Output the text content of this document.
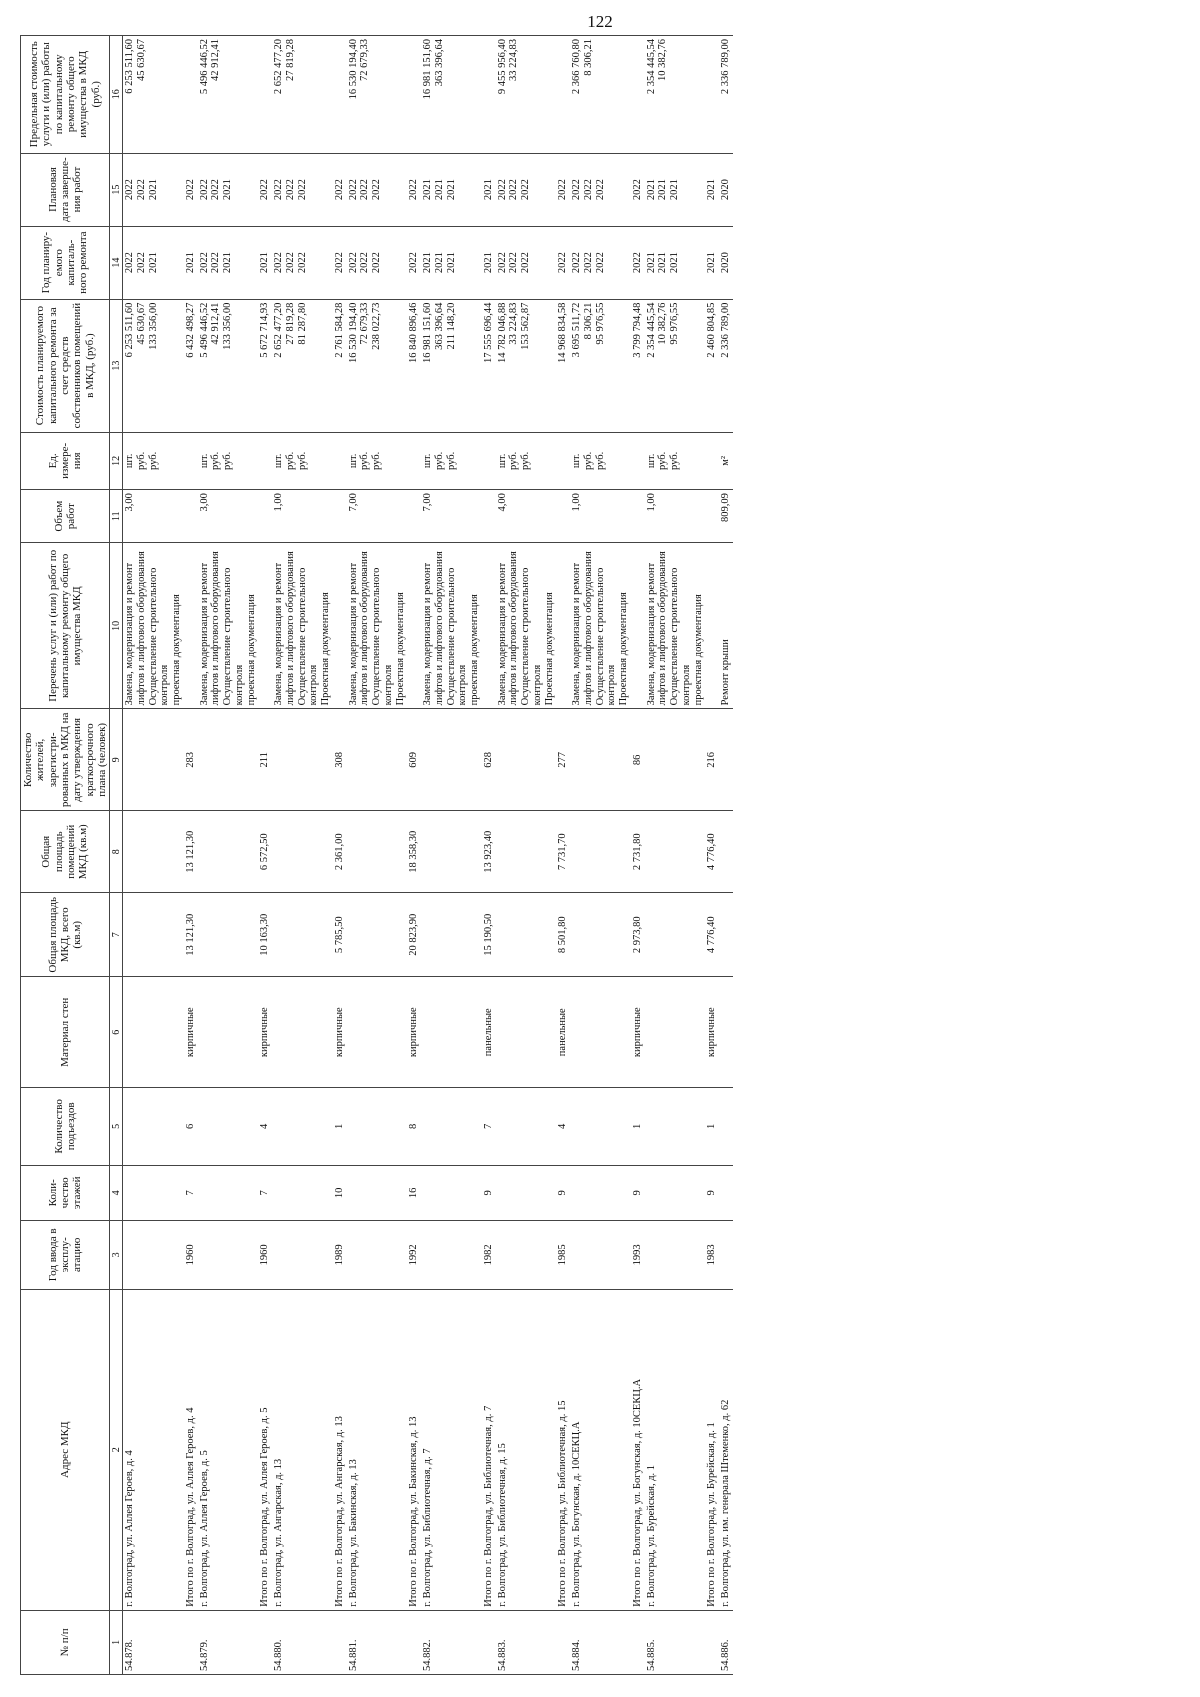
122
№ п/п	Адрес МКД	Год ввода в эксплу-атацию	Коли-чество этажей	Количество подъездов	Материал стен	Общая площадь МКД, всего (кв.м)	Общая площадь помещений МКД (кв.м)	Количество жителей, зарегистри-рованных в МКД на дату утверждения краткосрочного плана (человек)	Перечень услуг и (или) работ по капитальному ремонту общего имущества МКД	Объем работ	Ед. измере-ния	Стоимость планируемого капитального ремонта за счет средств собственников помещений в МКД, (руб.)	Год планиру-емого капиталь-ного ремонта	Плановая дата заверше-ния работ	Предельная стоимость услуги и (или) работы по капитальному ремонту общего имущества в МКД (руб.)
1	2	3	4	5	6	7	8	9	10	11	12	13	14	15	16
54.878.	г. Волгоград, ул. Аллея Героев, д. 4								Замена, модернизация и ремонт лифтов и лифтового оборудования Осуществление строительного контроля проектная документация	3,00	шт. руб. руб.	6 253 511,60 45 630,67 133 356,00	2022 2022 2021	2022 2022 2021	6 253 511,60 45 630,67

	Итого по г. Волгоград, ул. Аллея Героев, д. 4	1960	7	6	кирпичные	13 121,30	13 121,30	283				6 432 498,27	2021	2022	

54.879.	г. Волгоград, ул. Аллея Героев, д. 5								Замена, модернизация и ремонт лифтов и лифтового оборудования Осуществление строительного контроля проектная документация	3,00	шт. руб. руб.	5 496 446,52 42 912,41 133 356,00	2022 2022 2021	2022 2022 2021	5 496 446,52 42 912,41

	Итого по г. Волгоград, ул. Аллея Героев, д. 5	1960	7	4	кирпичные	10 163,30	6 572,50	211				5 672 714,93	2021	2022	

54.880.	г. Волгоград, ул. Ангарская, д. 13								Замена, модернизация и ремонт лифтов и лифтового оборудования Осуществление строительного контроля Проектная документация	1,00	шт. руб. руб.	2 652 477,20 27 819,28 81 287,80	2022 2022 2022	2022 2022 2022	2 652 477,20 27 819,28

	Итого по г. Волгоград, ул. Ангарская, д. 13	1989	10	1	кирпичные	5 785,50	2 361,00	308				2 761 584,28	2022	2022	

54.881.	г. Волгоград, ул. Бакинская, д. 13								Замена, модернизация и ремонт лифтов и лифтового оборудования Осуществление строительного контроля Проектная документация	7,00	шт. руб. руб.	16 530 194,40 72 679,33 238 022,73	2022 2022 2022	2022 2022 2022	16 530 194,40 72 679,33

	Итого по г. Волгоград, ул. Бакинская, д. 13	1992	16	8	кирпичные	20 823,90	18 358,30	609				16 840 896,46	2022	2022	

54.882.	г. Волгоград, ул. Библиотечная, д. 7								Замена, модернизация и ремонт лифтов и лифтового оборудования Осуществление строительного контроля проектная документация	7,00	шт. руб. руб.	16 981 151,60 363 396,64 211 148,20	2021 2021 2021	2021 2021 2021	16 981 151,60 363 396,64

	Итого по г. Волгоград, ул. Библиотечная, д. 7	1982	9	7	панельные	15 190,50	13 923,40	628				17 555 696,44	2021	2021	

54.883.	г. Волгоград, ул. Библиотечная, д. 15								Замена, модернизация и ремонт лифтов и лифтового оборудования Осуществление строительного контроля Проектная документация	4,00	шт. руб. руб.	14 782 046,88 33 224,83 153 562,87	2022 2022 2022	2022 2022 2022	9 455 956,40 33 224,83

	Итого по г. Волгоград, ул. Библиотечная, д. 15	1985	9	4	панельные	8 501,80	7 731,70	277				14 968 834,58	2022	2022	

54.884.	г. Волгоград, ул. Богунская, д. 10СЕКЦ.А								Замена, модернизация и ремонт лифтов и лифтового оборудования Осуществление строительного контроля Проектная документация	1,00	шт. руб. руб.	3 695 511,72 8 306,21 95 976,55	2022 2022 2022	2022 2022 2022	2 366 760,80 8 306,21

	Итого по г. Волгоград, ул. Богунская, д. 10СЕКЦ.А	1993	9	1	кирпичные	2 973,80	2 731,80	86				3 799 794,48	2022	2022	

54.885.	г. Волгоград, ул. Бурейская, д. 1								Замена, модернизация и ремонт лифтов и лифтового оборудования Осуществление строительного контроля проектная документация	1,00	шт. руб. руб.	2 354 445,54 10 382,76 95 976,55	2021 2021 2021	2021 2021 2021	2 354 445,54 10 382,76

	Итого по г. Волгоград, ул. Бурейская, д. 1	1983	9	1	кирпичные	4 776,40	4 776,40	216				2 460 804,85	2021	2021	

54.886.	г. Волгоград, ул. им. генерала Штеменко, д. 62								Ремонт крыши	809,09	м²	2 336 789,00	2020	2020	2 336 789,00
